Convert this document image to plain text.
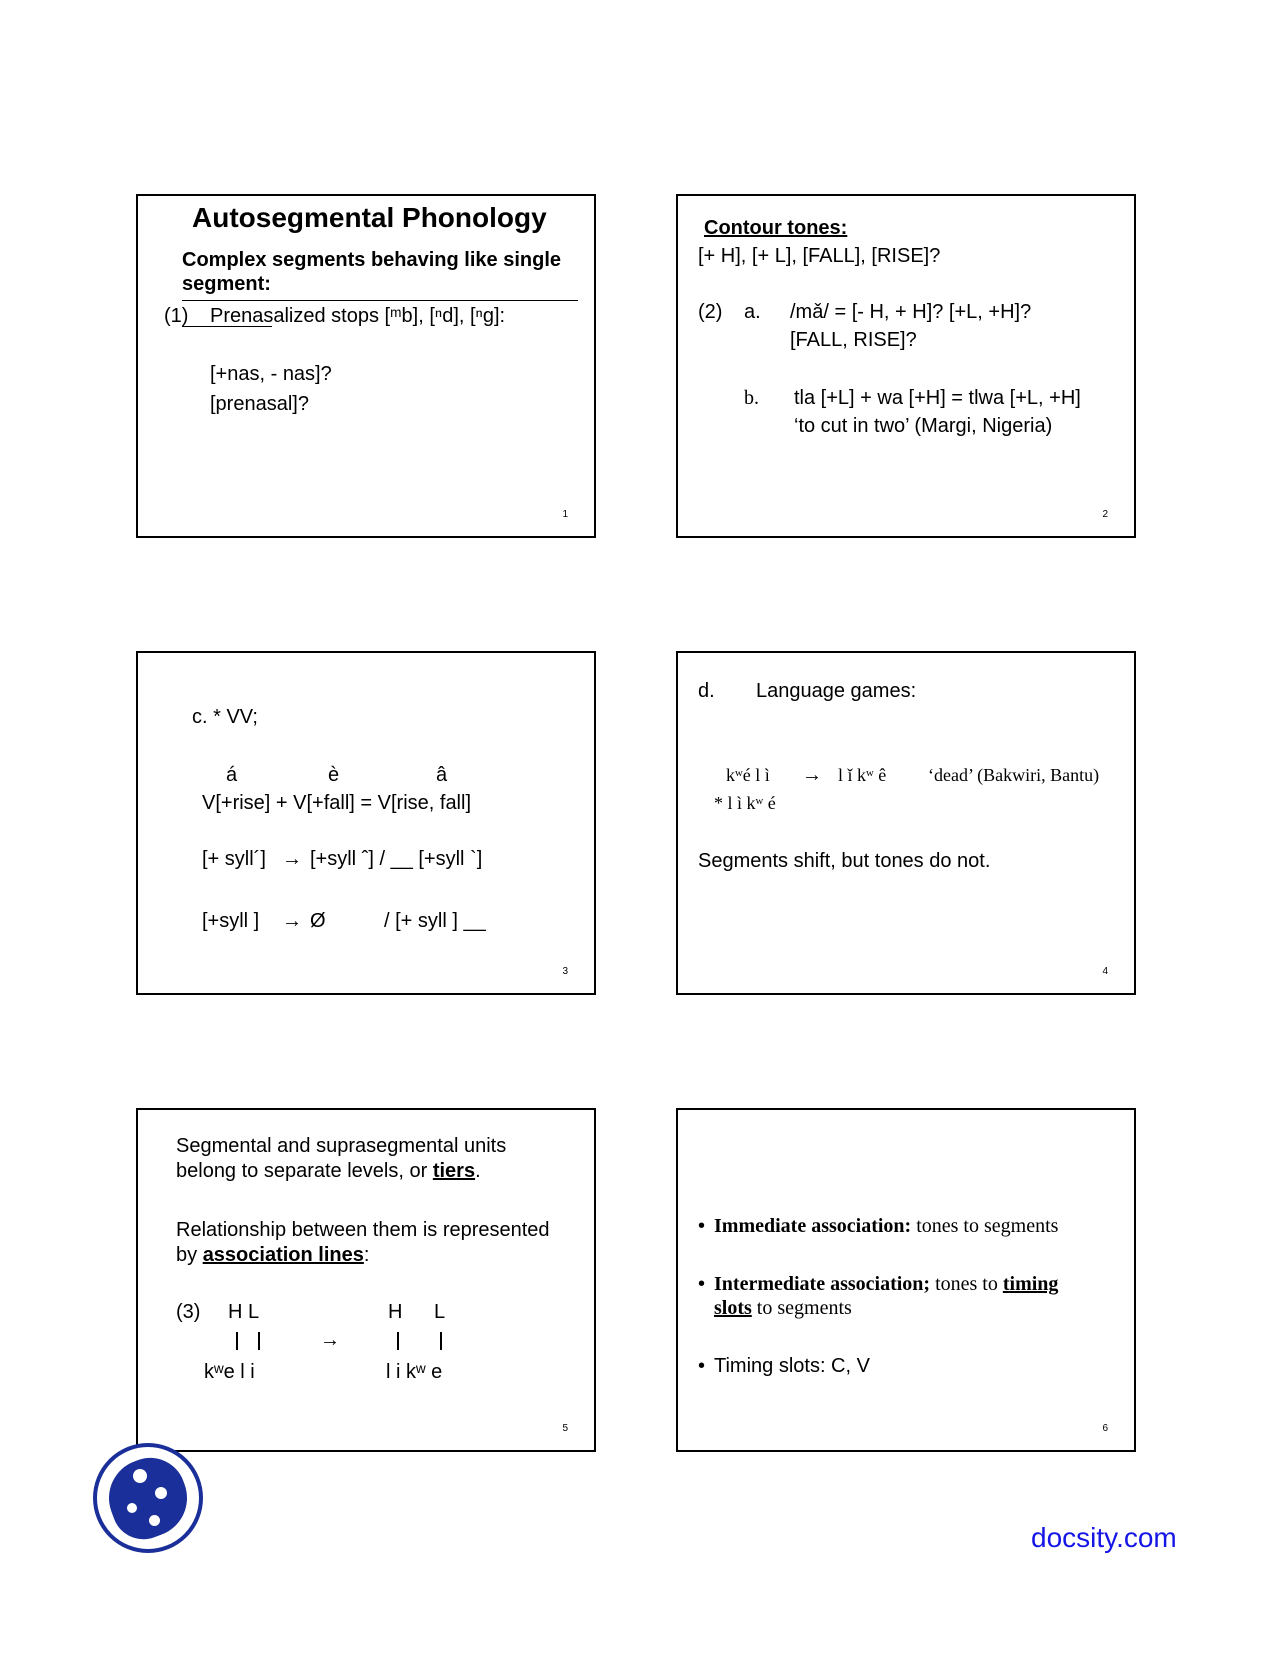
Autosegmental Phonology
Complex segments behaving like single
segment:
(1) Prenasalized stops [ᵐb], [ⁿd], [ⁿg]:
[+nas, - nas]?
[prenasal]?
1
Contour tones:
[+ H], [+ L], [FALL], [RISE]?
(2) a. /mǎ/ = [- H, + H]? [+L, +H]?
[FALL, RISE]?
b. tla [+L] + wa [+H] = tlwa [+L, +H]
‘to cut in two’ (Margi, Nigeria)
2
c. * VV;
á	è	â
V[+rise] + V[+fall] = V[rise, fall]
[+ syll´] → [+syll ˆ] / __ [+syll `]
[+syll ] → Ø	/ [+ syll ] __
3
d. Language games:
kʷé l ì → l ǐ kʷ ê ‘dead’ (Bakwiri, Bantu)
* l ì kʷ é
Segments shift, but tones do not.
4
Segmental and suprasegmental units
belong to separate levels, or tiers.
Relationship between them is represented
by association lines:
(3) H L
kʷe l i
→
H L
l i kʷ e
5
• Immediate association: tones to segments
• Intermediate association; tones to timing
slots to segments
• Timing slots: C, V
6
docsity.com
